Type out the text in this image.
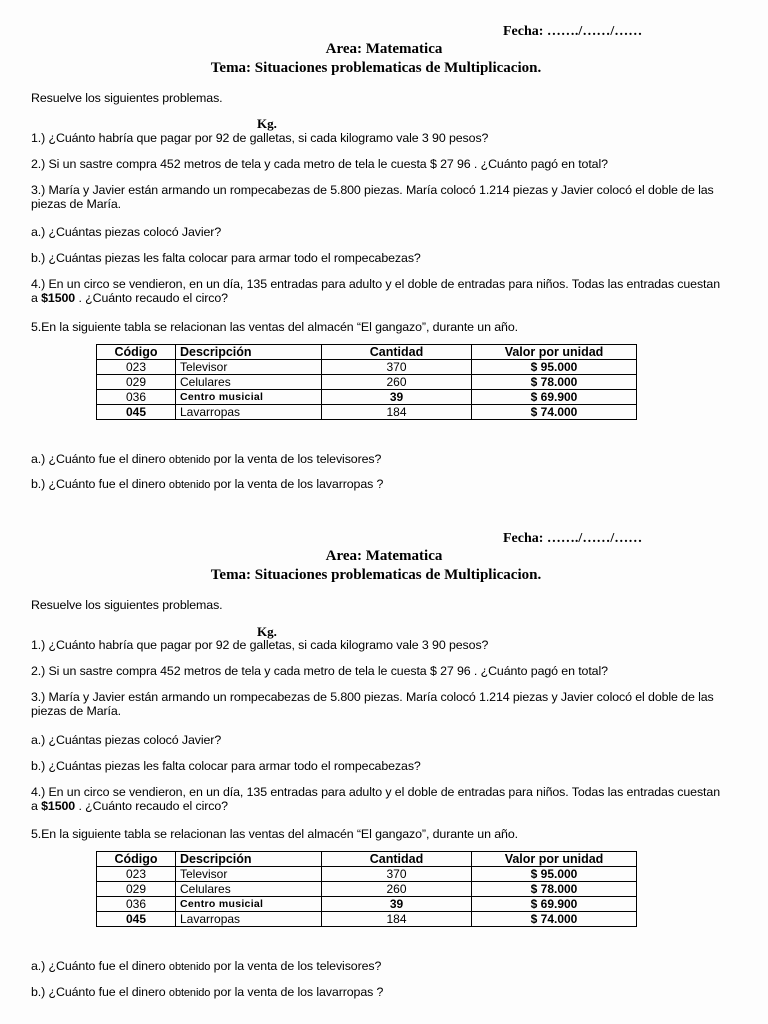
Fecha: ……./……/……
Area: Matematica
Tema: Situaciones problematicas de Multiplicacion.
Resuelve los siguientes problemas.
Kg.
1.) ¿Cuánto habría que pagar por 92 de galletas, si cada kilogramo vale 3 90 pesos?
2.) Si un sastre compra 452 metros de tela y cada metro de tela le cuesta $ 27 96 . ¿Cuánto pagó en total?
3.) María y Javier están armando un rompecabezas de 5.800 piezas. María colocó 1.214 piezas y Javier colocó el doble de las piezas de María.
a.) ¿Cuántas piezas colocó Javier?
b.) ¿Cuántas piezas les falta colocar para armar todo el rompecabezas?
4.) En un circo se vendieron, en un día, 135 entradas para adulto y el doble de entradas para niños. Todas las entradas cuestan a $1500 . ¿Cuánto recaudo el circo?
5.En la siguiente tabla se relacionan las ventas del almacén “El gangazo”, durante un año.
Código	Descripción	Cantidad	Valor por unidad
023	Televisor	370	$ 95.000
029	Celulares	260	$ 78.000
036	Centro musicial	39	$ 69.900
045	Lavarropas	184	$ 74.000
a.) ¿Cuánto fue el dinero obtenido por la venta de los televisores?
b.) ¿Cuánto fue el dinero obtenido por la venta de los lavarropas ?
Fecha: ……./……/……
Area: Matematica
Tema: Situaciones problematicas de Multiplicacion.
Resuelve los siguientes problemas.
Kg.
1.) ¿Cuánto habría que pagar por 92 de galletas, si cada kilogramo vale 3 90 pesos?
2.) Si un sastre compra 452 metros de tela y cada metro de tela le cuesta $ 27 96 . ¿Cuánto pagó en total?
3.) María y Javier están armando un rompecabezas de 5.800 piezas. María colocó 1.214 piezas y Javier colocó el doble de las piezas de María.
a.) ¿Cuántas piezas colocó Javier?
b.) ¿Cuántas piezas les falta colocar para armar todo el rompecabezas?
4.) En un circo se vendieron, en un día, 135 entradas para adulto y el doble de entradas para niños. Todas las entradas cuestan a $1500 . ¿Cuánto recaudo el circo?
5.En la siguiente tabla se relacionan las ventas del almacén “El gangazo”, durante un año.
Código	Descripción	Cantidad	Valor por unidad
023	Televisor	370	$ 95.000
029	Celulares	260	$ 78.000
036	Centro musicial	39	$ 69.900
045	Lavarropas	184	$ 74.000
a.) ¿Cuánto fue el dinero obtenido por la venta de los televisores?
b.) ¿Cuánto fue el dinero obtenido por la venta de los lavarropas ?
